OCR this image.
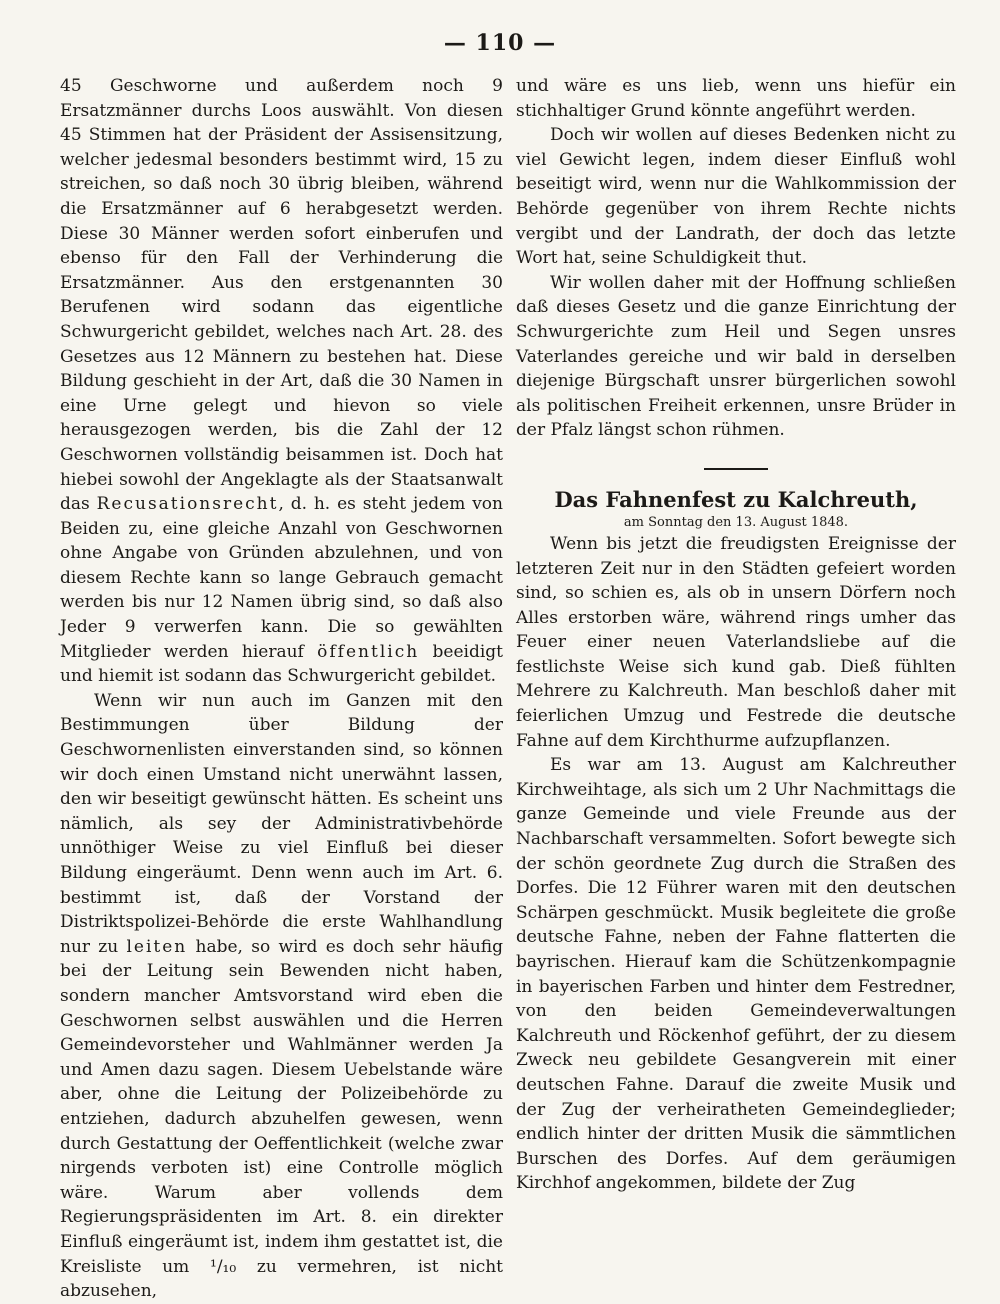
— 110 —

45 Geschworne und außerdem noch 9 Ersatzmänner durchs Loos auswählt. Von diesen 45 Stimmen hat der Präsident der Assisensitzung, welcher jedesmal besonders bestimmt wird, 15 zu streichen, so daß noch 30 übrig bleiben, während die Ersatzmänner auf 6 herabgesetzt werden. Diese 30 Männer werden sofort einberufen und ebenso für den Fall der Verhinderung die Ersatzmänner. Aus den erstgenannten 30 Berufenen wird sodann das eigentliche Schwurgericht gebildet, welches nach Art. 28. des Gesetzes aus 12 Männern zu bestehen hat. Diese Bildung geschieht in der Art, daß die 30 Namen in eine Urne gelegt und hievon so viele herausgezogen werden, bis die Zahl der 12 Geschwornen vollständig beisammen ist. Doch hat hiebei sowohl der Angeklagte als der Staatsanwalt das Recusationsrecht, d. h. es steht jedem von Beiden zu, eine gleiche Anzahl von Geschwornen ohne Angabe von Gründen abzulehnen, und von diesem Rechte kann so lange Gebrauch gemacht werden bis nur 12 Namen übrig sind, so daß also Jeder 9 verwerfen kann. Die so gewählten Mitglieder werden hierauf öffentlich beeidigt und hiemit ist sodann das Schwurgericht gebildet.

Wenn wir nun auch im Ganzen mit den Bestimmungen über Bildung der Geschwornenlisten einverstanden sind, so können wir doch einen Umstand nicht unerwähnt lassen, den wir beseitigt gewünscht hätten. Es scheint uns nämlich, als sey der Administrativbehörde unnöthiger Weise zu viel Einfluß bei dieser Bildung eingeräumt. Denn wenn auch im Art. 6. bestimmt ist, daß der Vorstand der Distriktspolizei-Behörde die erste Wahlhandlung nur zu leiten habe, so wird es doch sehr häufig bei der Leitung sein Bewenden nicht haben, sondern mancher Amtsvorstand wird eben die Geschwornen selbst auswählen und die Herren Gemeindevorsteher und Wahlmänner werden Ja und Amen dazu sagen. Diesem Uebelstande wäre aber, ohne die Leitung der Polizeibehörde zu entziehen, dadurch abzuhelfen gewesen, wenn durch Gestattung der Oeffentlichkeit (welche zwar nirgends verboten ist) eine Controlle möglich wäre. Warum aber vollends dem Regierungspräsidenten im Art. 8. ein direkter Einfluß eingeräumt ist, indem ihm gestattet ist, die Kreisliste um ¹/₁₀ zu vermehren, ist nicht abzusehen,

und wäre es uns lieb, wenn uns hiefür ein stichhaltiger Grund könnte angeführt werden.

Doch wir wollen auf dieses Bedenken nicht zu viel Gewicht legen, indem dieser Einfluß wohl beseitigt wird, wenn nur die Wahlkommission der Behörde gegenüber von ihrem Rechte nichts vergibt und der Landrath, der doch das letzte Wort hat, seine Schuldigkeit thut.

Wir wollen daher mit der Hoffnung schließen daß dieses Gesetz und die ganze Einrichtung der Schwurgerichte zum Heil und Segen unsres Vaterlandes gereiche und wir bald in derselben diejenige Bürgschaft unsrer bürgerlichen sowohl als politischen Freiheit erkennen, unsre Brüder in der Pfalz längst schon rühmen.

Das Fahnenfest zu Kalchreuth,

am Sonntag den 13. August 1848.

Wenn bis jetzt die freudigsten Ereignisse der letzteren Zeit nur in den Städten gefeiert worden sind, so schien es, als ob in unsern Dörfern noch Alles erstorben wäre, während rings umher das Feuer einer neuen Vaterlandsliebe auf die festlichste Weise sich kund gab. Dieß fühlten Mehrere zu Kalchreuth. Man beschloß daher mit feierlichen Umzug und Festrede die deutsche Fahne auf dem Kirchthurme aufzupflanzen.

Es war am 13. August am Kalchreuther Kirchweihtage, als sich um 2 Uhr Nachmittags die ganze Gemeinde und viele Freunde aus der Nachbarschaft versammelten. Sofort bewegte sich der schön geordnete Zug durch die Straßen des Dorfes. Die 12 Führer waren mit den deutschen Schärpen geschmückt. Musik begleitete die große deutsche Fahne, neben der Fahne flatterten die bayrischen. Hierauf kam die Schützenkompagnie in bayerischen Farben und hinter dem Festredner, von den beiden Gemeindeverwaltungen Kalchreuth und Röckenhof geführt, der zu diesem Zweck neu gebildete Gesangverein mit einer deutschen Fahne. Darauf die zweite Musik und der Zug der verheiratheten Gemeindeglieder; endlich hinter der dritten Musik die sämmtlichen Burschen des Dorfes. Auf dem geräumigen Kirchhof angekommen, bildete der Zug
